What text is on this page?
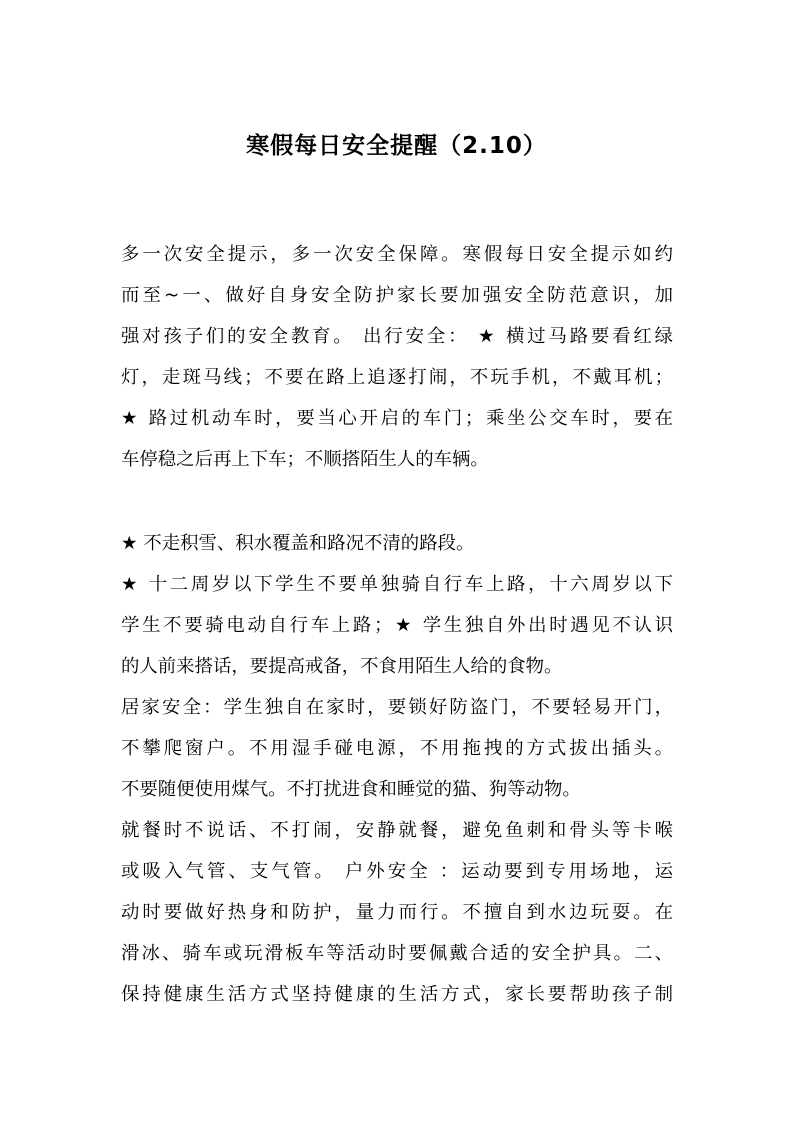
寒假每日安全提醒（2.10）
多一次安全提示，多一次安全保障。寒假每日安全提示如约
而至~一、做好自身安全防护家长要加强安全防范意识，加
强对孩子们的安全教育。 出行安全： ★ 横过马路要看红绿
灯，走斑马线；不要在路上追逐打闹，不玩手机，不戴耳机；
★ 路过机动车时，要当心开启的车门；乘坐公交车时，要在
车停稳之后再上下车；不顺搭陌生人的车辆。
★ 不走积雪、积水覆盖和路况不清的路段。
★ 十二周岁以下学生不要单独骑自行车上路，十六周岁以下
学生不要骑电动自行车上路；★ 学生独自外出时遇见不认识
的人前来搭话，要提高戒备，不食用陌生人给的食物。
居家安全：学生独自在家时，要锁好防盗门，不要轻易开门，
不攀爬窗户。不用湿手碰电源，不用拖拽的方式拔出插头。
不要随便使用煤气。不打扰进食和睡觉的猫、狗等动物。
就餐时不说话、不打闹，安静就餐，避免鱼刺和骨头等卡喉
或吸入气管、支气管。 户外安全 ：运动要到专用场地，运
动时要做好热身和防护，量力而行。不擅自到水边玩耍。在
滑冰、骑车或玩滑板车等活动时要佩戴合适的安全护具。二、
保持健康生活方式坚持健康的生活方式，家长要帮助孩子制
